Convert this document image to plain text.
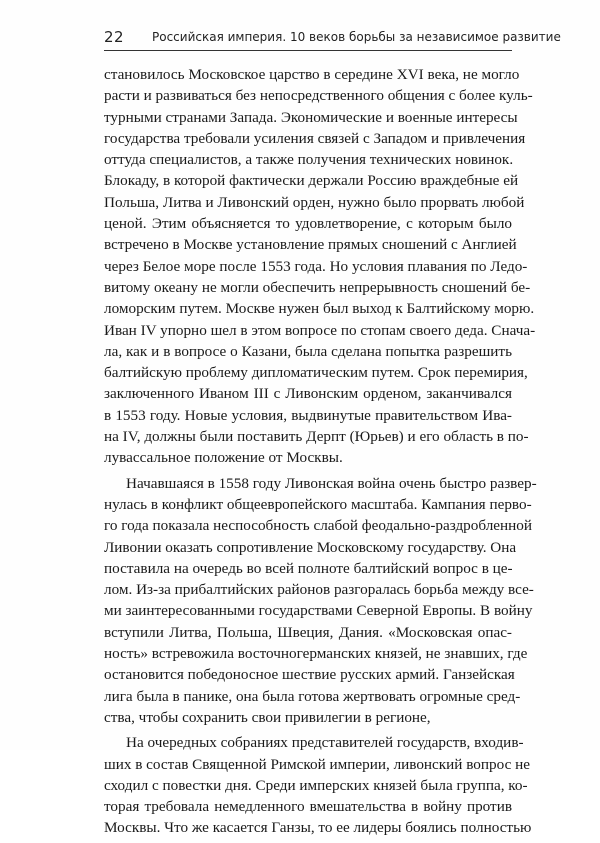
22 Российская империя. 10 веков борьбы за независимое развитие
становилось Московское царство в середине XVI века, не могло
расти и развиваться без непосредственного общения с более куль-
турными странами Запада. Экономические и военные интересы
государства требовали усиления связей с Западом и привлечения
оттуда специалистов, а также получения технических новинок.
Блокаду, в которой фактически держали Россию враждебные ей
Польша, Литва и Ливонский орден, нужно было прорвать любой
ценой. Этим объясняется то удовлетворение, с которым было
встречено в Москве установление прямых сношений с Англией
через Белое море после 1553 года. Но условия плавания по Ледо-
витому океану не могли обеспечить непрерывность сношений бе-
ломорским путем. Москве нужен был выход к Балтийскому морю.
Иван IV упорно шел в этом вопросе по стопам своего деда. Снача-
ла, как и в вопросе о Казани, была сделана попытка разрешить
балтийскую проблему дипломатическим путем. Срок перемирия,
заключенного Иваном III с Ливонским орденом, заканчивался
в 1553 году. Новые условия, выдвинутые правительством Ива-
на IV, должны были поставить Дерпт (Юрьев) и его область в по-
лувассальное положение от Москвы.
Начавшаяся в 1558 году Ливонская война очень быстро развер-
нулась в конфликт общеевропейского масштаба. Кампания перво-
го года показала неспособность слабой феодально-раздробленной
Ливонии оказать сопротивление Московскому государству. Она
поставила на очередь во всей полноте балтийский вопрос в це-
лом. Из-за прибалтийских районов разгоралась борьба между все-
ми заинтересованными государствами Северной Европы. В войну
вступили Литва, Польша, Швеция, Дания. «Московская опас-
ность» встревожила восточногерманских князей, не знавших, где
остановится победоносное шествие русских армий. Ганзейская
лига была в панике, она была готова жертвовать огромные сред-
ства, чтобы сохранить свои привилегии в регионе,
На очередных собраниях представителей государств, входив-
ших в состав Священной Римской империи, ливонский вопрос не
сходил с повестки дня. Среди имперских князей была группа, ко-
торая требовала немедленного вмешательства в войну против
Москвы. Что же касается Ганзы, то ее лидеры боялись полностью
